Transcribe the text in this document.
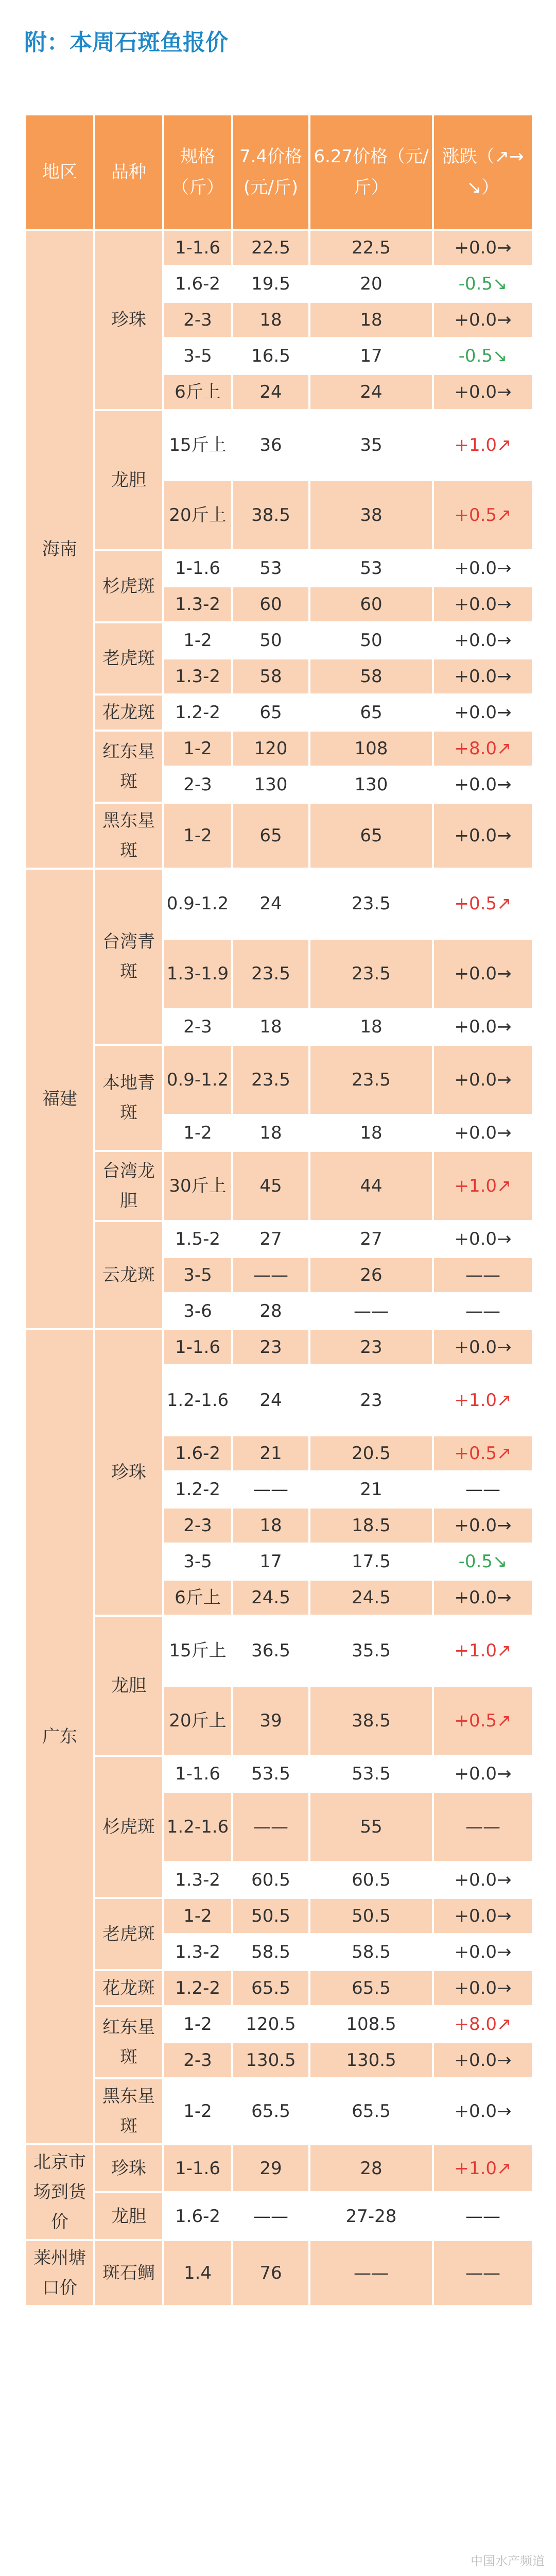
附：本周石斑鱼报价
地区	品种	规格（斤）	7.4价格(元/斤)	6.27价格（元/斤）	涨跌（↗→↘）
海南	珍珠	1-1.6	22.5	22.5	+0.0→
		1.6-2	19.5	20	-0.5↘
		2-3	18	18	+0.0→
		3-5	16.5	17	-0.5↘
		6斤上	24	24	+0.0→
	龙胆	15斤上	36	35	+1.0↗
		20斤上	38.5	38	+0.5↗
	杉虎斑	1-1.6	53	53	+0.0→
		1.3-2	60	60	+0.0→
	老虎斑	1-2	50	50	+0.0→
		1.3-2	58	58	+0.0→
	花龙斑	1.2-2	65	65	+0.0→
	红东星斑	1-2	120	108	+8.0↗
		2-3	130	130	+0.0→
	黑东星斑	1-2	65	65	+0.0→
福建	台湾青斑	0.9-1.2	24	23.5	+0.5↗
		1.3-1.9	23.5	23.5	+0.0→
		2-3	18	18	+0.0→
	本地青斑	0.9-1.2	23.5	23.5	+0.0→
		1-2	18	18	+0.0→
	台湾龙胆	30斤上	45	44	+1.0↗
	云龙斑	1.5-2	27	27	+0.0→
		3-5	——	26	——
		3-6	28	——	——
广东	珍珠	1-1.6	23	23	+0.0→
		1.2-1.6	24	23	+1.0↗
		1.6-2	21	20.5	+0.5↗
		1.2-2	——	21	——
		2-3	18	18.5	+0.0→
		3-5	17	17.5	-0.5↘
		6斤上	24.5	24.5	+0.0→
	龙胆	15斤上	36.5	35.5	+1.0↗
		20斤上	39	38.5	+0.5↗
	杉虎斑	1-1.6	53.5	53.5	+0.0→
		1.2-1.6	——	55	——
		1.3-2	60.5	60.5	+0.0→
	老虎斑	1-2	50.5	50.5	+0.0→
		1.3-2	58.5	58.5	+0.0→
	花龙斑	1.2-2	65.5	65.5	+0.0→
	红东星斑	1-2	120.5	108.5	+8.0↗
		2-3	130.5	130.5	+0.0→
	黑东星斑	1-2	65.5	65.5	+0.0→
北京市场到货价	珍珠	1-1.6	29	28	+1.0↗
	龙胆	1.6-2	——	27-28	——
莱州塘口价	斑石鲷	1.4	76	——	——
中国水产频道
